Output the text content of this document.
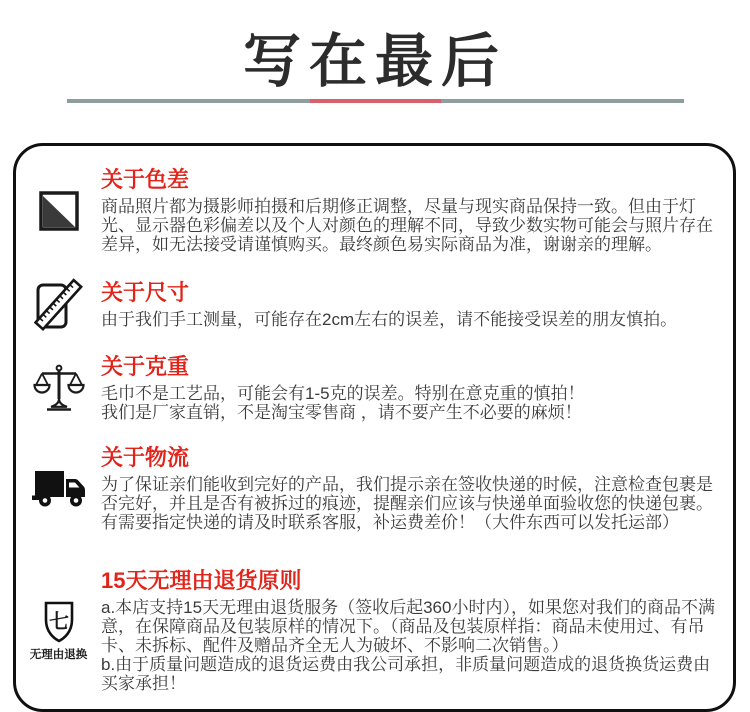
写在最后
关于色差

商品照片都为摄影师拍摄和后期修正调整，尽量与现实商品保持一致。但由于灯光、显示器色彩偏差以及个人对颜色的理解不同，导致少数实物可能会与照片存在差异，如无法接受请谨慎购买。最终颜色易实际商品为准，谢谢亲的理解。

关于尺寸

由于我们手工测量，可能存在2cm左右的误差，请不能接受误差的朋友慎拍。

关于克重

毛巾不是工艺品，可能会有1-5克的误差。特别在意克重的慎拍！

我们是厂家直销，不是淘宝零售商 ，请不要产生不必要的麻烦！

关于物流

为了保证亲们能收到完好的产品，我们提示亲在签收快递的时候，注意检查包裹是否完好，并且是否有被拆过的痕迹，提醒亲们应该与快递单面验收您的快递包裹。有需要指定快递的请及时联系客服，补运费差价！（大件东西可以发托运部）

七
无理由退换
15天无理由退货原则

a.本店支持15天无理由退货服务（签收后起360小时内），如果您对我们的商品不满意，在保障商品及包装原样的情况下。（商品及包装原样指：商品未使用过、有吊卡、未拆标、配件及赠品齐全无人为破坏、不影响二次销售。）

b.由于质量问题造成的退货运费由我公司承担，非质量问题造成的退货换货运费由买家承担！
